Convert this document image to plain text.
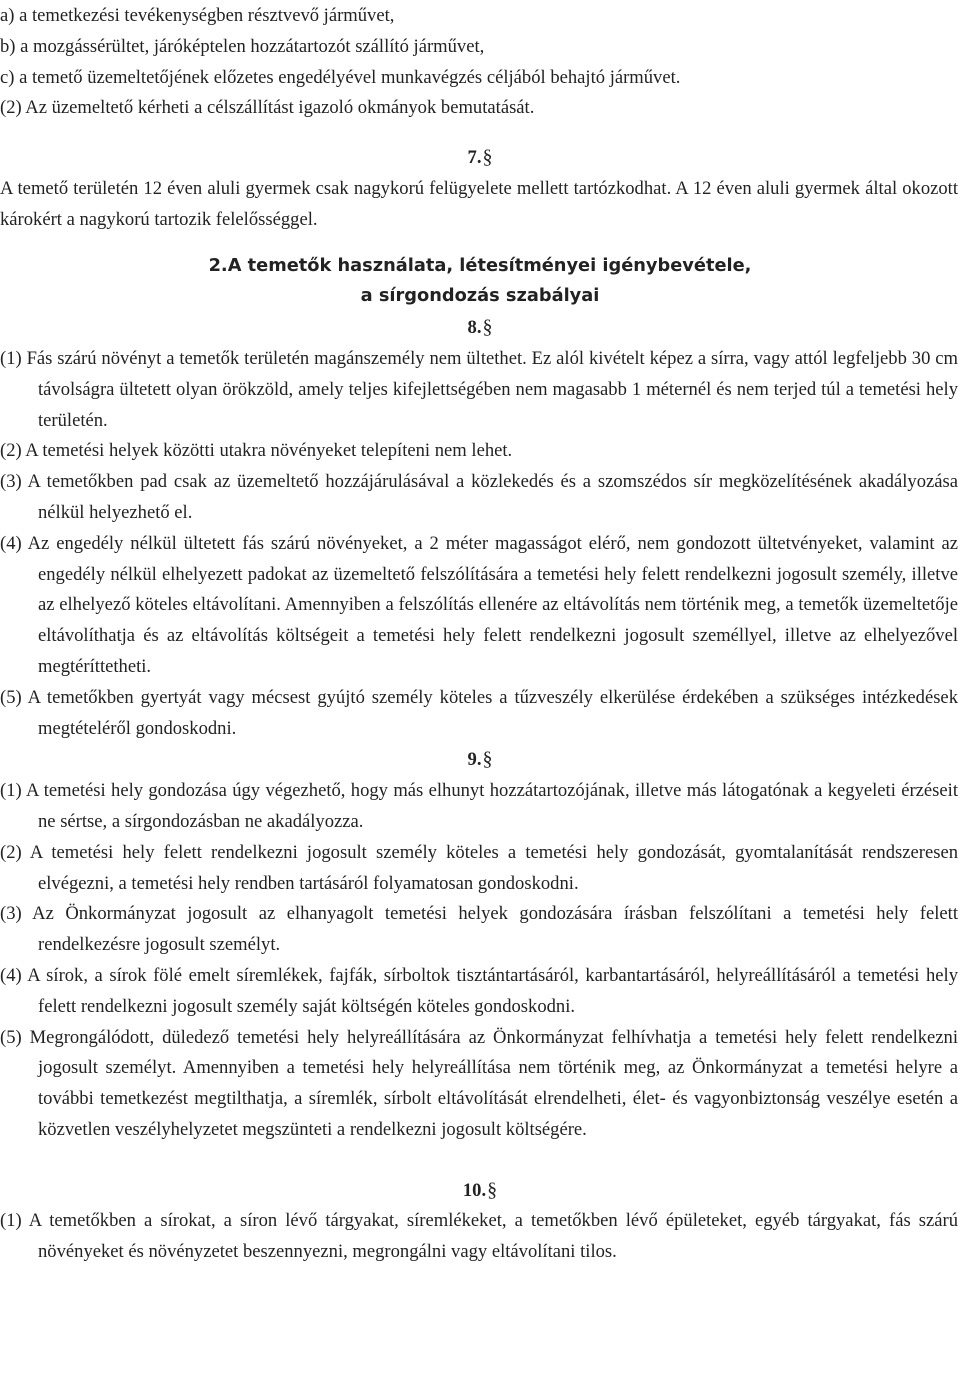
a) a temetkezési tevékenységben résztvevő járművet,
b) a mozgássérültet, járóképtelen hozzátartozót szállító járművet,
c) a temető üzemeltetőjének előzetes engedélyével munkavégzés céljából behajtó járművet.
(2) Az üzemeltető kérheti a célszállítást igazoló okmányok bemutatását.
7.§
A temető területén 12 éven aluli gyermek csak nagykorú felügyelete mellett tartózkodhat. A 12 éven aluli gyermek által okozott károkért a nagykorú tartozik felelősséggel.
2.A temetők használata, létesítményei igénybevétele,
a sírgondozás szabályai
8.§
(1) Fás szárú növényt a temetők területén magánszemély nem ültethet. Ez alól kivételt képez a sírra, vagy attól legfeljebb 30 cm távolságra ültetett olyan örökzöld, amely teljes kifejlettségében nem magasabb 1 méternél és nem terjed túl a temetési hely területén.
(2) A temetési helyek közötti utakra növényeket telepíteni nem lehet.
(3) A temetőkben pad csak az üzemeltető hozzájárulásával a közlekedés és a szomszédos sír megközelítésének akadályozása nélkül helyezhető el.
(4) Az engedély nélkül ültetett fás szárú növényeket, a 2 méter magasságot elérő, nem gondozott ültetvényeket, valamint az engedély nélkül elhelyezett padokat az üzemeltető felszólítására a temetési hely felett rendelkezni jogosult személy, illetve az elhelyező köteles eltávolítani. Amennyiben a felszólítás ellenére az eltávolítás nem történik meg, a temetők üzemeltetője eltávolíthatja és az eltávolítás költségeit a temetési hely felett rendelkezni jogosult személlyel, illetve az elhelyezővel megtéríttetheti.
(5) A temetőkben gyertyát vagy mécsest gyújtó személy köteles a tűzveszély elkerülése érdekében a szükséges intézkedések megtételéről gondoskodni.
9.§
(1) A temetési hely gondozása úgy végezhető, hogy más elhunyt hozzátartozójának, illetve más látogatónak a kegyeleti érzéseit ne sértse, a sírgondozásban ne akadályozza.
(2) A temetési hely felett rendelkezni jogosult személy köteles a temetési hely gondozását, gyomtalanítását rendszeresen elvégezni, a temetési hely rendben tartásáról folyamatosan gondoskodni.
(3) Az Önkormányzat jogosult az elhanyagolt temetési helyek gondozására írásban felszólítani a temetési hely felett rendelkezésre jogosult személyt.
(4) A sírok, a sírok fölé emelt síremlékek, fajfák, sírboltok tisztántartásáról, karbantartásáról, helyreállításáról a temetési hely felett rendelkezni jogosult személy saját költségén köteles gondoskodni.
(5) Megrongálódott, düledező temetési hely helyreállítására az Önkormányzat felhívhatja a temetési hely felett rendelkezni jogosult személyt. Amennyiben a temetési hely helyreállítása nem történik meg, az Önkormányzat a temetési helyre a további temetkezést megtilthatja, a síremlék, sírbolt eltávolítását elrendelheti, élet- és vagyonbiztonság veszélye esetén a közvetlen veszélyhelyzetet megszünteti a rendelkezni jogosult költségére.
10.§
(1) A temetőkben a sírokat, a síron lévő tárgyakat, síremlékeket, a temetőkben lévő épületeket, egyéb tárgyakat, fás szárú növényeket és növényzetet beszennyezni, megrongálni vagy eltávolítani tilos.
